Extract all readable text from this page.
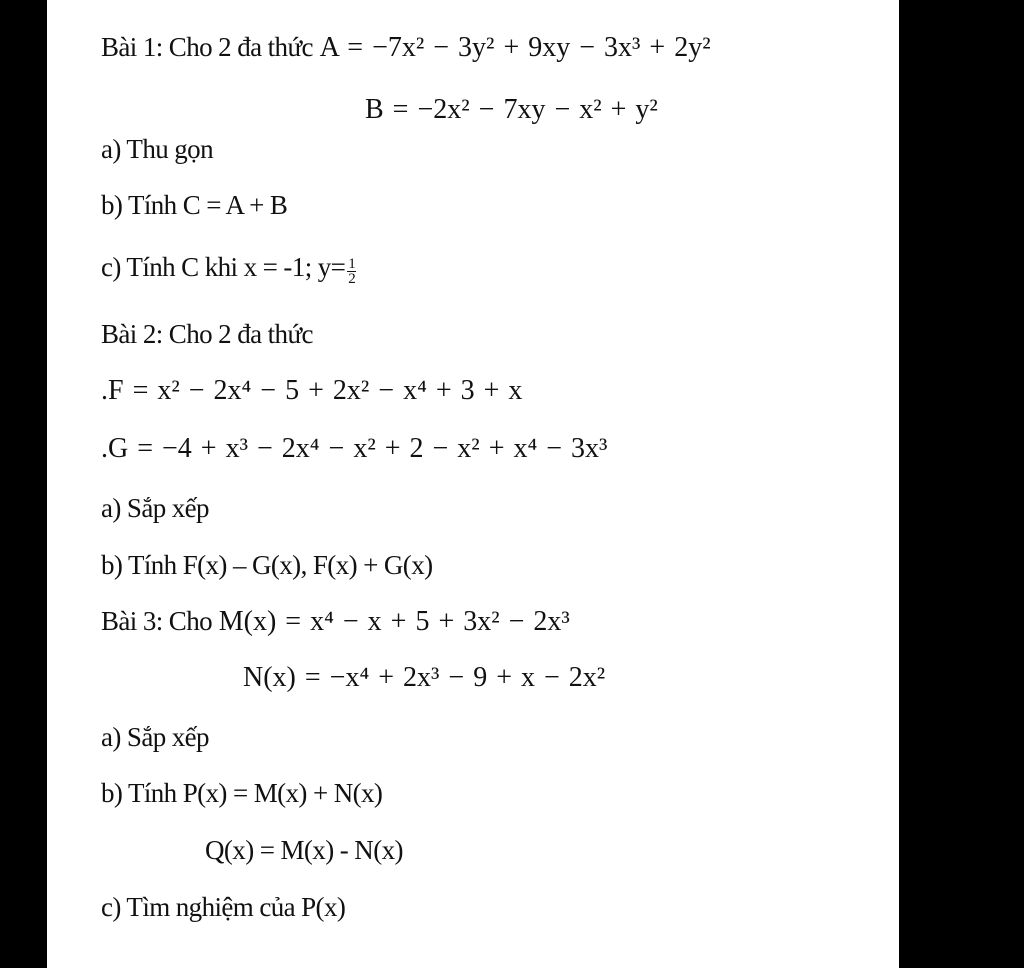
Bài 1: Cho 2 đa thức A = −7x² − 3y² + 9xy − 3x³ + 2y²
B = −2x² − 7xy − x² + y²
a) Thu gọn
b) Tính C = A + B
c) Tính C khi x = -1; $y= \frac{1}{2}$
Bài 2: Cho 2 đa thức
.F = x² − 2x⁴ − 5 + 2x² − x⁴ + 3 + x
.G = −4 + x³ − 2x⁴ − x² + 2 − x² + x⁴ − 3x³
a) Sắp xếp
b) Tính F(x) – G(x), F(x) + G(x)
Bài 3: Cho M(x) = x⁴ − x + 5 + 3x² − 2x³
N(x) = −x⁴ + 2x³ − 9 + x − 2x²
a) Sắp xếp
b) Tính P(x) = M(x) + N(x)
Q(x) = M(x) - N(x)
c) Tìm nghiệm của P(x)
